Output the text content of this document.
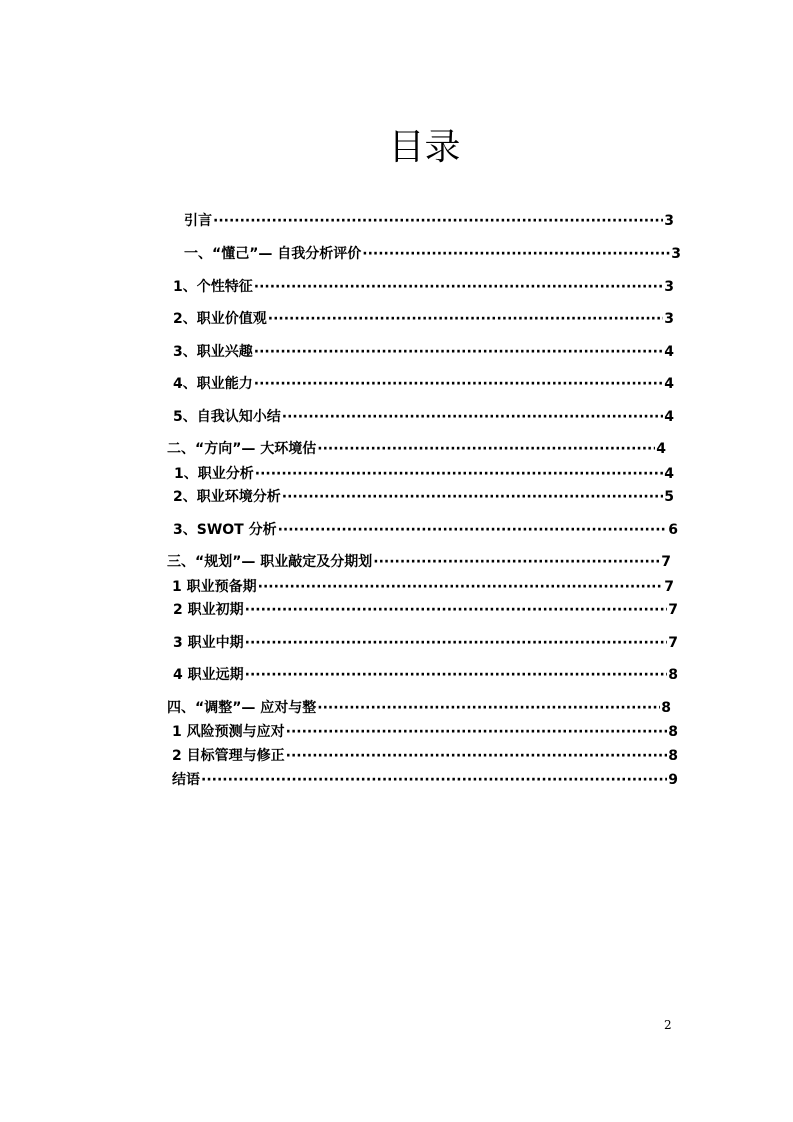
目录
引言 ·····	3
一、“懂己”— 自我分析评价 ·····	3
1、个性特征 ·····	3
2、职业价值观 ·····	3
3、职业兴趣 ·····	4
4、职业能力 ·····	4
5、自我认知小结 ·····	4
二、“方向”— 大环境估 ·····	4
1、职业分析 ·····	4
2、职业环境分析 ·····	5
3、SWOT 分析 ·····	6
三、“规划”— 职业敲定及分期划 ·····	7
1 职业预备期 ·····	7
2 职业初期 ·····	7
3 职业中期 ·····	7
4 职业远期 ·····	8
四、“调整”— 应对与整 ·····	8
1 风险预测与应对 ·····	8
2 目标管理与修正 ·····	8
结语 ·····	9
2
